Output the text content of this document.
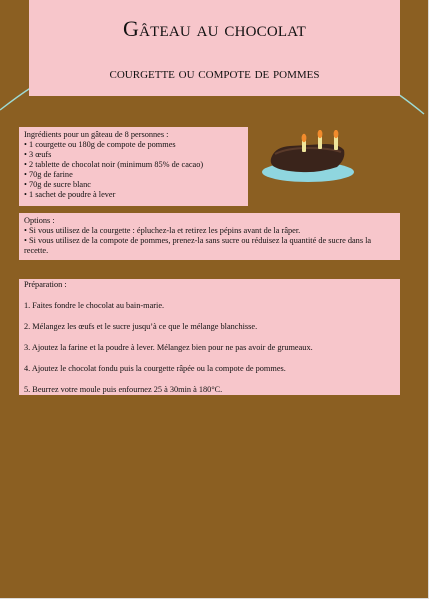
Gâteau au chocolat
courgette ou compote de pommes
Ingrédients pour un gâteau de 8 personnes :
• 1 courgette ou 180g de compote de pommes
• 3 œufs
• 2 tablette de chocolat noir (minimum 85% de cacao)
• 70g de farine
• 70g de sucre blanc
• 1 sachet de poudre à lever
Options :
• Si vous utilisez de la courgette : épluchez-la et retirez les pépins avant de la râper.
• Si vous utilisez de la compote de pommes, prenez-la sans sucre ou réduisez la quantité de sucre dans la recette.
Préparation :
1. Faites fondre le chocolat au bain-marie.
2. Mélangez les œufs et le sucre jusqu’à ce que le mélange blanchisse.
3. Ajoutez la farine et la poudre à lever. Mélangez bien pour ne pas avoir de grumeaux.
4. Ajoutez le chocolat fondu puis la courgette râpée ou la compote de pommes.
5. Beurrez votre moule puis enfournez 25 à 30min à 180°C.
